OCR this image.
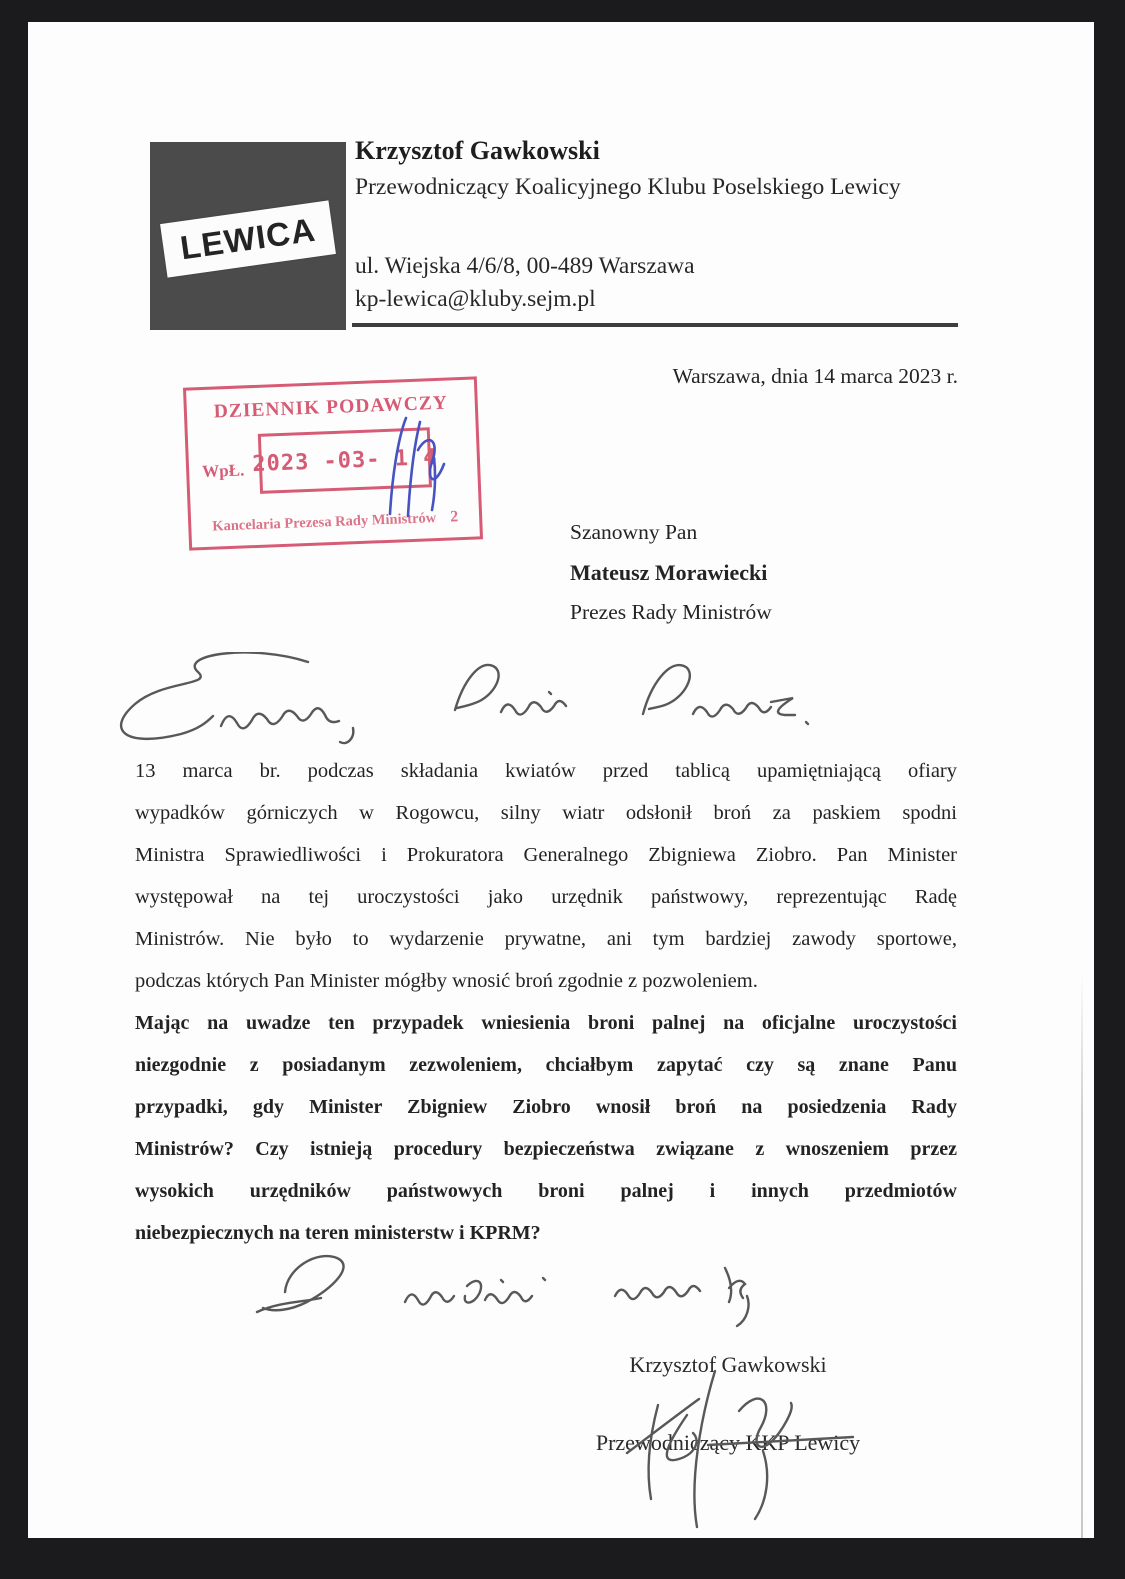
LEWICA
Krzysztof Gawkowski
Przewodniczący Koalicyjnego Klubu Poselskiego Lewicy
ul. Wiejska 4/6/8, 00-489 Warszawa
kp-lewica@kluby.sejm.pl
Warszawa, dnia 14 marca 2023 r.
DZIENNIK PODAWCZY
WpŁ. 2023 -03- 1 4
Kancelaria Prezesa Rady Ministrów 2
Szanowny Pan
Mateusz Morawiecki
Prezes Rady Ministrów
13 marca br. podczas składania kwiatów przed tablicą upamiętniającą ofiary
wypadków górniczych w Rogowcu, silny wiatr odsłonił broń za paskiem spodni
Ministra Sprawiedliwości i Prokuratora Generalnego Zbigniewa Ziobro. Pan Minister
występował na tej uroczystości jako urzędnik państwowy, reprezentując Radę
Ministrów. Nie było to wydarzenie prywatne, ani tym bardziej zawody sportowe,
podczas których Pan Minister mógłby wnosić broń zgodnie z pozwoleniem.
Mając na uwadze ten przypadek wniesienia broni palnej na oficjalne uroczystości
niezgodnie z posiadanym zezwoleniem, chciałbym zapytać czy są znane Panu
przypadki, gdy Minister Zbigniew Ziobro wnosił broń na posiedzenia Rady
Ministrów? Czy istnieją procedury bezpieczeństwa związane z wnoszeniem przez
wysokich urzędników państwowych broni palnej i innych przedmiotów
niebezpiecznych na teren ministerstw i KPRM?
Krzysztof Gawkowski
Przewodniczący KKP Lewicy
